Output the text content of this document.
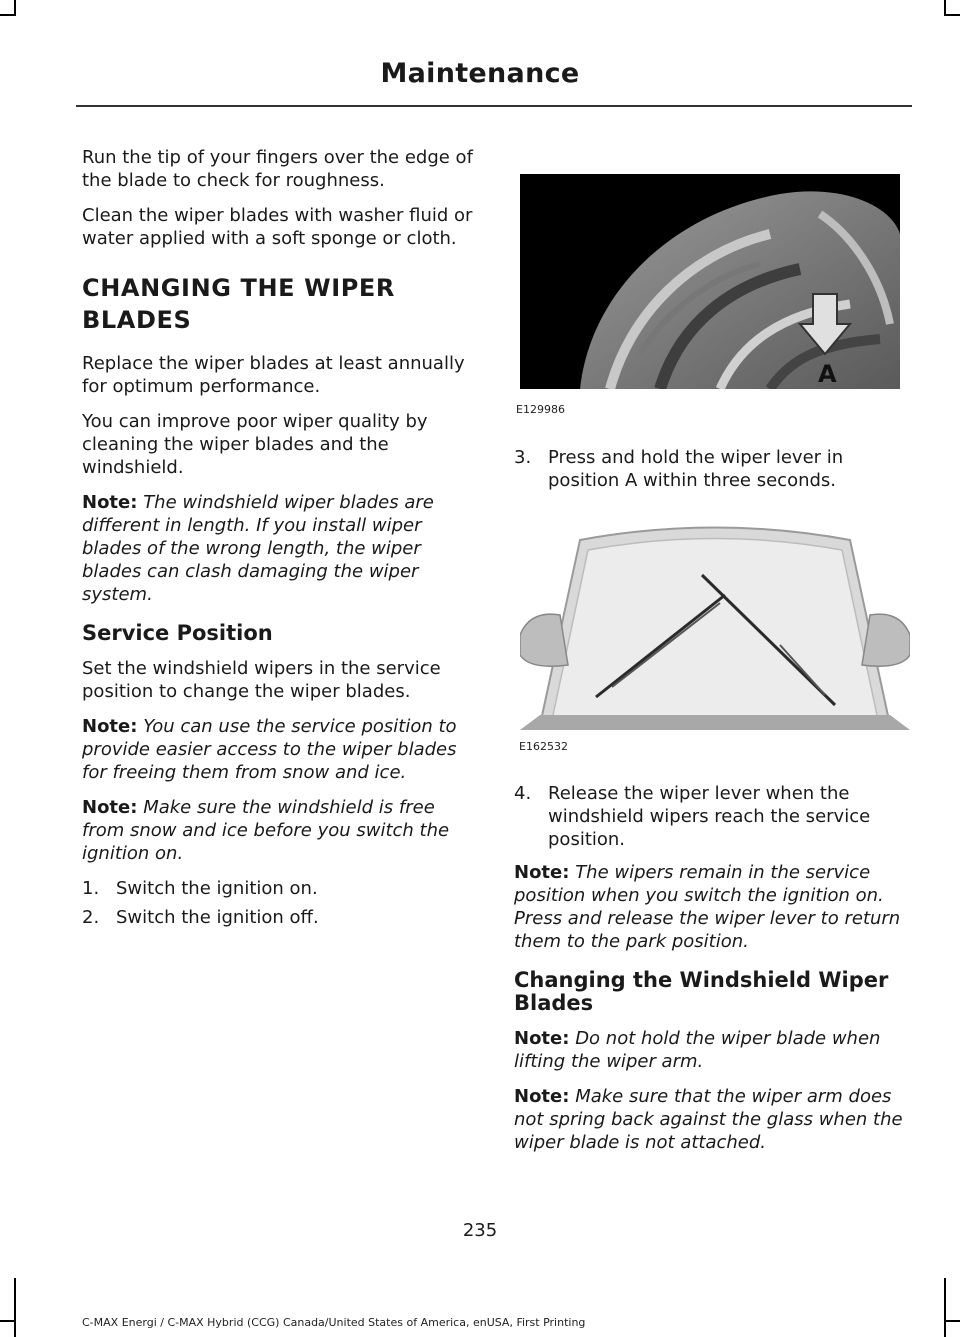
Maintenance

Run the tip of your fingers over the edge of the blade to check for roughness.

Clean the wiper blades with washer fluid or water applied with a soft sponge or cloth.

CHANGING THE WIPER BLADES

Replace the wiper blades at least annually for optimum performance.

You can improve poor wiper quality by cleaning the wiper blades and the windshield.

Note: The windshield wiper blades are different in length. If you install wiper blades of the wrong length, the wiper blades can clash damaging the wiper system.

Service Position

Set the windshield wipers in the service position to change the wiper blades.

Note: You can use the service position to provide easier access to the wiper blades for freeing them from snow and ice.

Note: Make sure the windshield is free from snow and ice before you switch the ignition on.

1. Switch the ignition on.
2. Switch the ignition off.
A
E129986
3. Press and hold the wiper lever in position A within three seconds.
E162532
4. Release the wiper lever when the windshield wipers reach the service position.

Note: The wipers remain in the service position when you switch the ignition on. Press and release the wiper lever to return them to the park position.

Changing the Windshield Wiper Blades

Note: Do not hold the wiper blade when lifting the wiper arm.

Note: Make sure that the wiper arm does not spring back against the glass when the wiper blade is not attached.

235
C-MAX Energi / C-MAX Hybrid (CCG) Canada/United States of America, enUSA, First Printing
